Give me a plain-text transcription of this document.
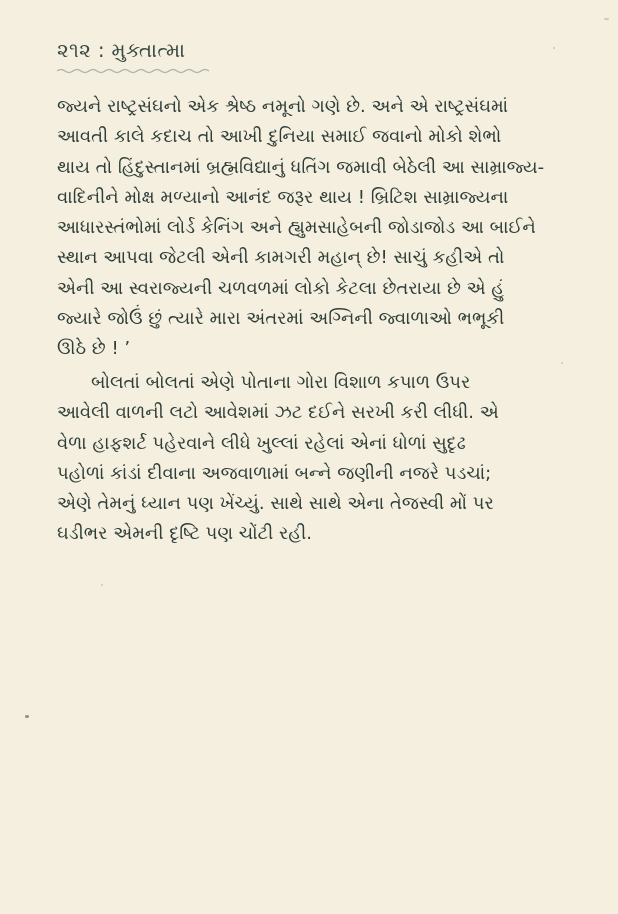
૨૧૨ : મુક્તાત્મા
જ્યને રાષ્ટ્રસંઘનો એક શ્રેષ્ઠ નમૂનો ગણે છે. અને એ રાષ્ટ્રસંઘમાં
આવતી કાલે કદાચ તો આખી દુનિયા સમાઈ જવાનો મોકો શેભો
થાય તો હિંદુસ્તાનમાં બ્રહ્મવિદ્યાનું ધતિંગ જમાવી બેઠેલી આ સામ્રાજ્ય-
વાદિનીને મોક્ષ મળ્યાનો આનંદ જરૂર થાય ! બ્રિટિશ સામ્રાજ્યના
આધારસ્તંભોમાં લોર્ડ કેનિંગ અને હ્યુમસાહેબની જોડાજોડ આ બાઈને
સ્થાન આપવા જેટલી એની કામગરી મહાન્ છે! સાચું કહીએ તો
એની આ સ્વરાજ્યની ચળવળમાં લોકો કેટલા છેતરાયા છે એ હું
જ્યારે જોઉં છું ત્યારે મારા અંતરમાં અગ્નિની જ્વાળાઓ ભભૂકી
ઊઠે છે ! ’
બોલતાં બોલતાં એણે પોતાના ગોરા વિશાળ કપાળ ઉપર
આવેલી વાળની લટો આવેશમાં ઝટ દઈને સરખી કરી લીધી. એ
વેળા હાફશર્ટ પહેરવાને લીધે ખુલ્લાં રહેલાં એનાં ધોળાં સુદૃઢ
પહોળાં કાંડાં દીવાના અજવાળામાં બન્ને જણીની નજરે પડચાં;
એણે તેમનું ધ્યાન પણ ખેંચ્યું. સાથે સાથે એના તેજસ્વી મોં પર
ઘડીભર એમની દૃષ્ટિ પણ ચોંટી રહી.
